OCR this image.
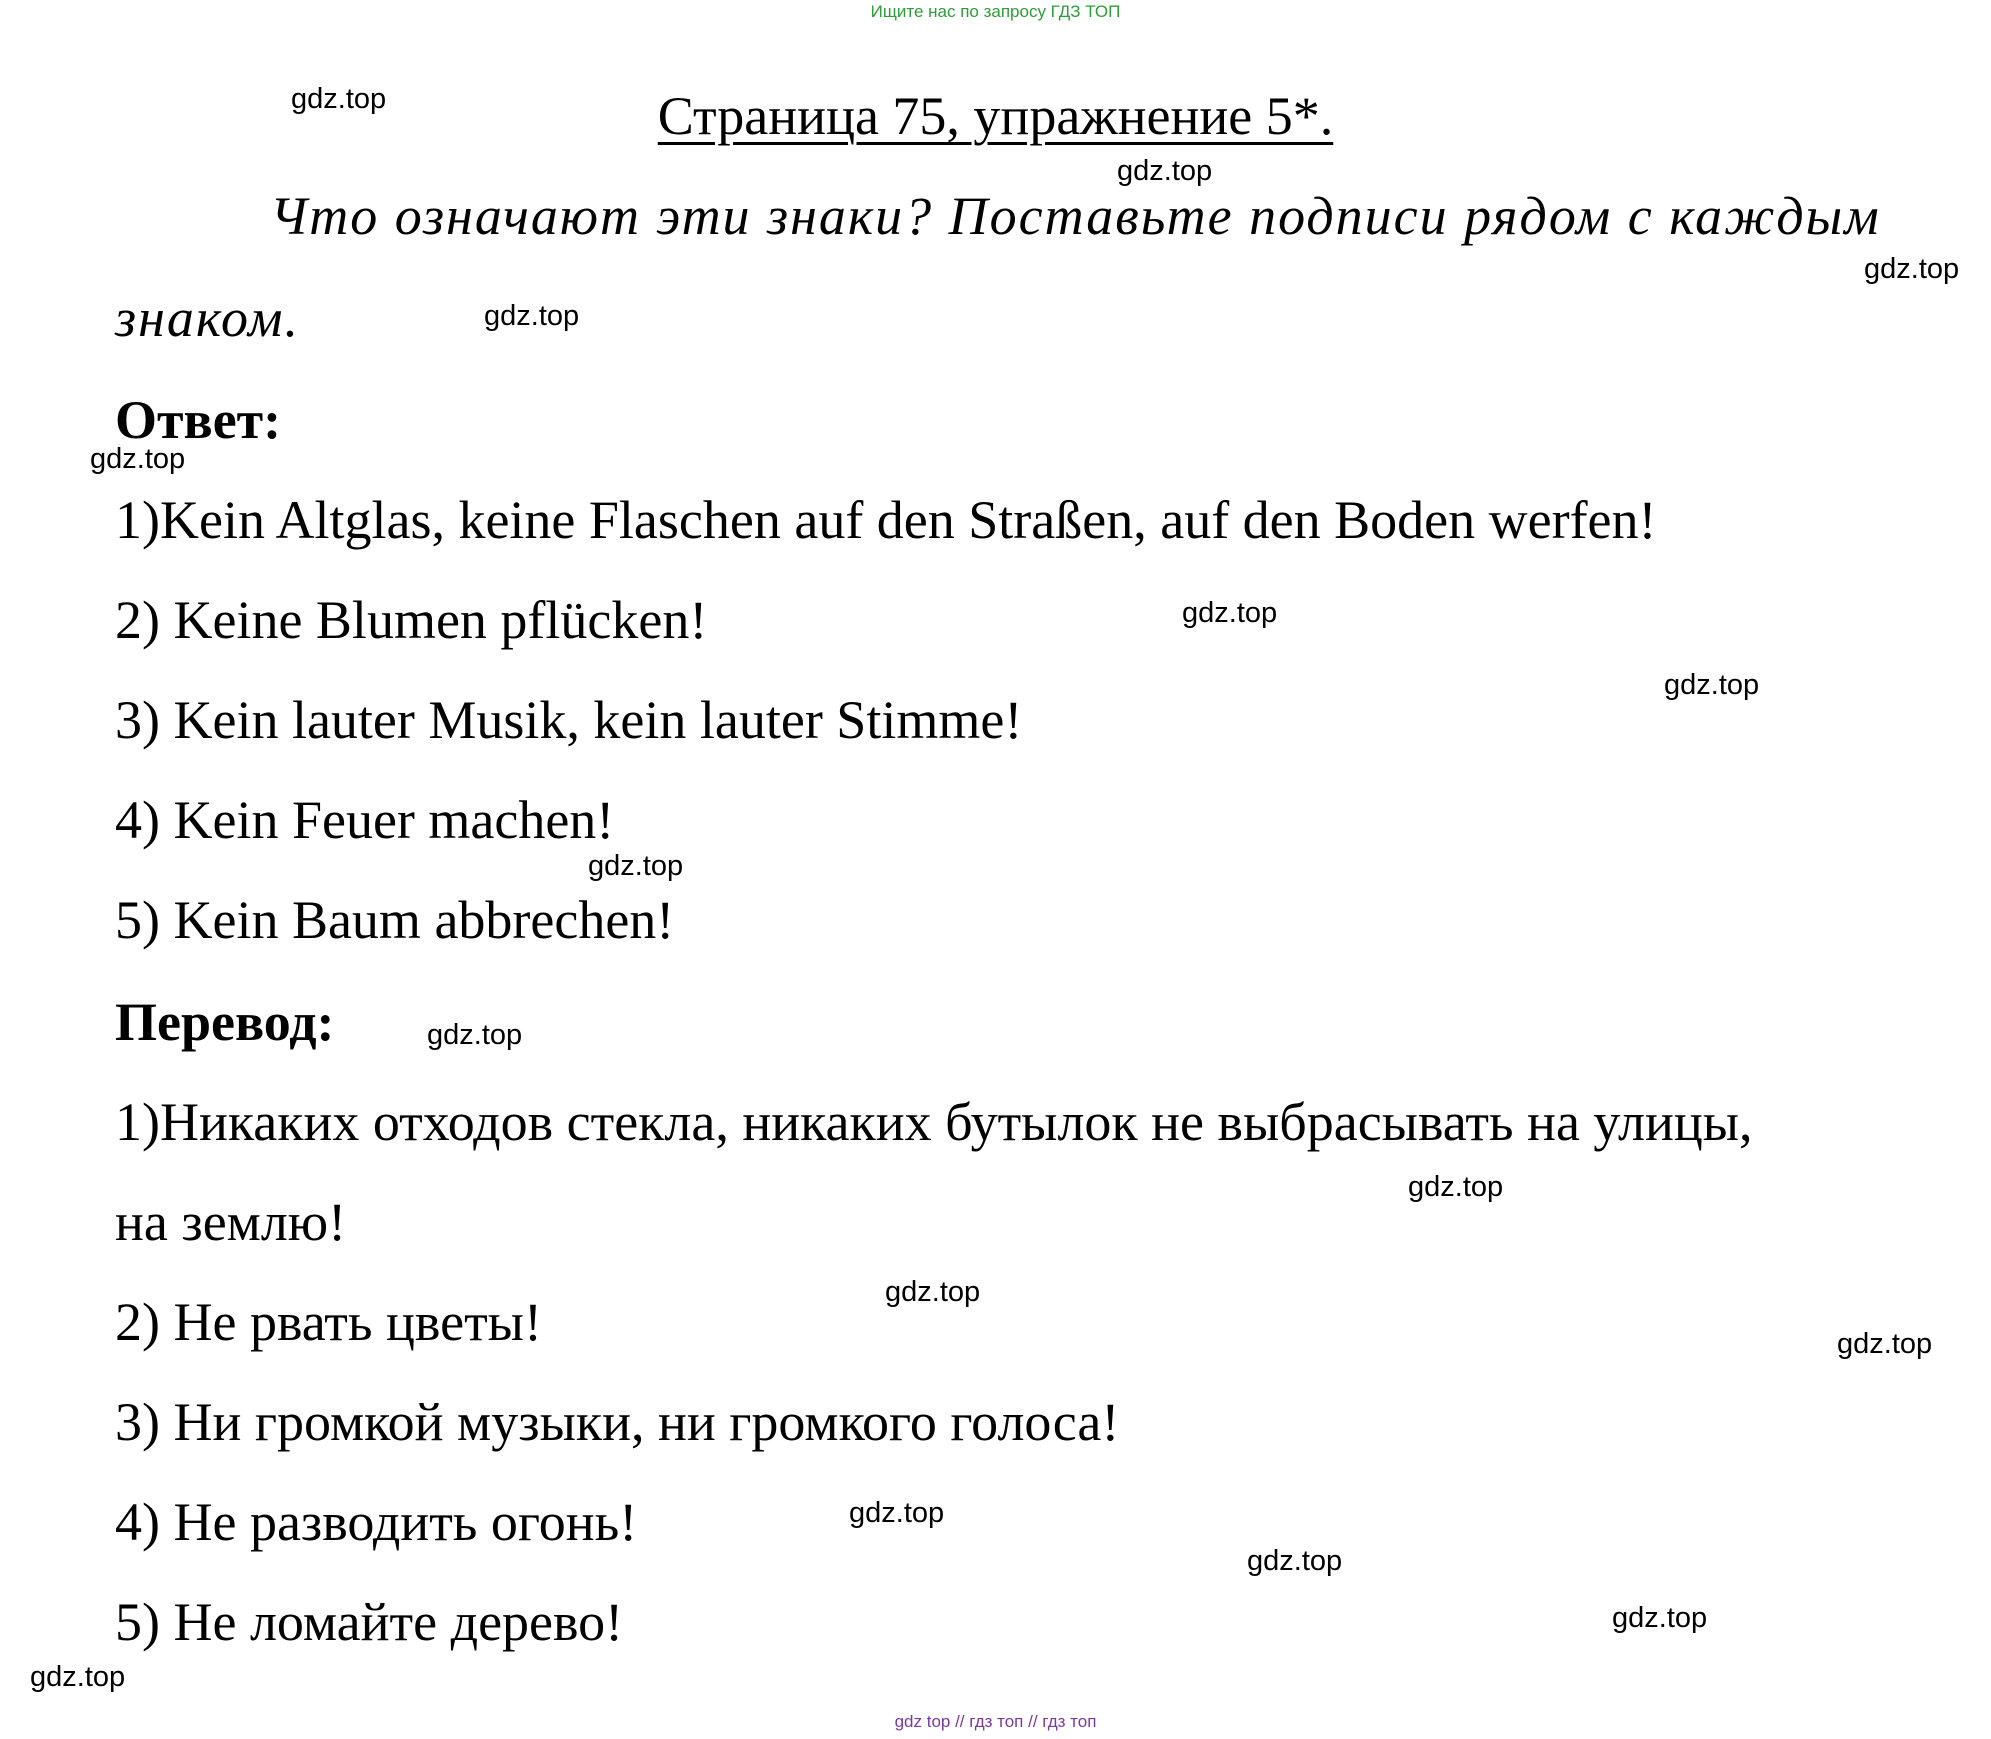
Ищите нас по запросу ГДЗ ТОП
Страница 75, упражнение 5*.
Что означают эти знаки? Поставьте подписи рядом с каждым
знаком.
Ответ:
1)Kein Altglas, keine Flaschen auf den Straßen, auf den Boden werfen!
2) Keine Blumen pflücken!
3) Kein lauter Musik, kein lauter Stimme!
4) Kein Feuer machen!
5) Kein Baum abbrechen!
Перевод:
1)Никаких отходов стекла, никаких бутылок не выбрасывать на улицы,
на землю!
2) Не рвать цветы!
3) Ни громкой музыки, ни громкого голоса!
4) Не разводить огонь!
5) Не ломайте дерево!
gdz.top
gdz.top
gdz.top
gdz.top
gdz.top
gdz.top
gdz.top
gdz.top
gdz.top
gdz.top
gdz.top
gdz.top
gdz.top
gdz.top
gdz.top
gdz.top
gdz top // гдз топ // гдз топ
